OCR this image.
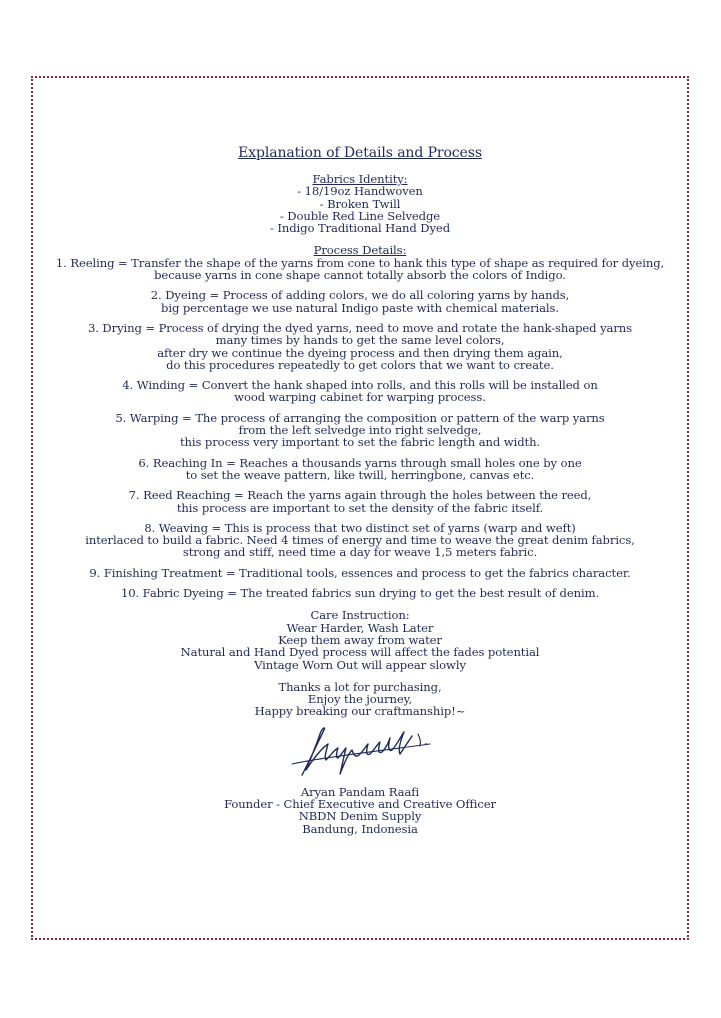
Explanation of Details and Process
Fabrics Identity:
- 18/19oz Handwoven
- Broken Twill
- Double Red Line Selvedge
- Indigo Traditional Hand Dyed
Process Details:
1. Reeling = Transfer the shape of the yarns from cone to hank this type of shape as required for dyeing,
because yarns in cone shape cannot totally absorb the colors of Indigo.
2. Dyeing = Process of adding colors, we do all coloring yarns by hands,
big percentage we use natural Indigo paste with chemical materials.
3. Drying = Process of drying the dyed yarns, need to move and rotate the hank-shaped yarns
many times by hands to get the same level colors,
after dry we continue the dyeing process and then drying them again,
do this procedures repeatedly to get colors that we want to create.
4. Winding = Convert the hank shaped into rolls, and this rolls will be installed on
wood warping cabinet for warping process.
5. Warping = The process of arranging the composition or pattern of the warp yarns
from the left selvedge into right selvedge,
this process very important to set the fabric length and width.
6. Reaching In = Reaches a thousands yarns through small holes one by one
to set the weave pattern, like twill, herringbone, canvas etc.
7. Reed Reaching = Reach the yarns again through the holes between the reed,
this process are important to set the density of the fabric itself.
8. Weaving = This is process that two distinct set of yarns (warp and weft)
interlaced to build a fabric. Need 4 times of energy and time to weave the great denim fabrics,
strong and stiff, need time a day for weave 1,5 meters fabric.
9. Finishing Treatment = Traditional tools, essences and process to get the fabrics character.
10. Fabric Dyeing = The treated fabrics sun drying to get the best result of denim.
Care Instruction:
Wear Harder, Wash Later
Keep them away from water
Natural and Hand Dyed process will affect the fades potential
Vintage Worn Out will appear slowly
Thanks a lot for purchasing,
Enjoy the journey,
Happy breaking our craftmanship!~
Aryan Pandam Raafi
Founder - Chief Executive and Creative Officer
NBDN Denim Supply
Bandung, Indonesia
